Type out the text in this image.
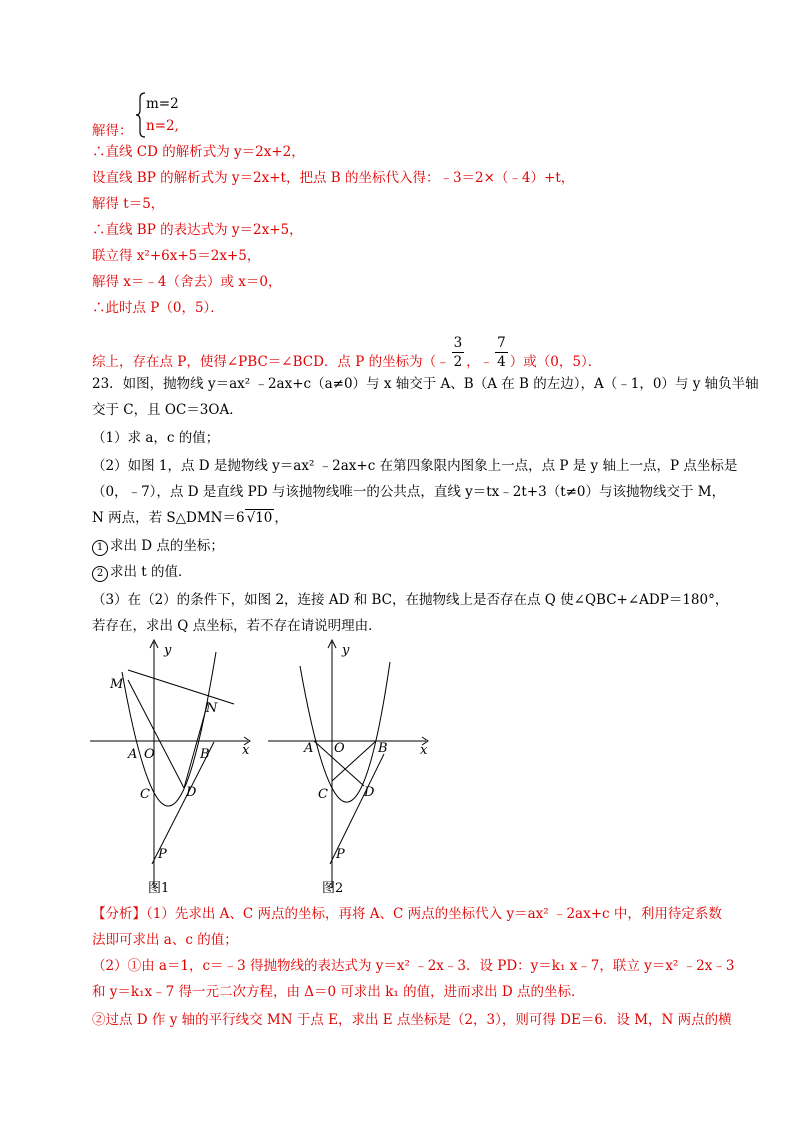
m=2
n=2,
解得：
∴直线 CD 的解析式为 y＝2x+2，
设直线 BP 的解析式为 y＝2x+t，把点 B 的坐标代入得：﹣3＝2×（﹣4）+t，
解得 t＝5，
∴直线 BP 的表达式为 y＝2x+5，
联立得 x²+6x+5＝2x+5，
解得 x＝﹣4（舍去）或 x＝0，
∴此时点 P（0，5）．
综上，存在点 P，使得∠PBC＝∠BCD．点 P 的坐标为（﹣ $\frac{3}{2}$ ，﹣ $\frac{7}{4}$ ）或（0，5）．
23．如图，抛物线 y＝ax² ﹣2ax+c（a≠0）与 x 轴交于 A、B（A 在 B 的左边），A（﹣1，0）与 y 轴负半轴
交于 C，且 OC＝3OA．
（1）求 a，c 的值；
（2）如图 1，点 D 是抛物线 y＝ax² ﹣2ax+c 在第四象限内图象上一点，点 P 是 y 轴上一点，P 点坐标是
（0，﹣7），点 D 是直线 PD 与该抛物线唯一的公共点，直线 y＝tx﹣2t+3（t≠0）与该抛物线交于 M，
N 两点，若 S△DMN＝6 √10 ，
1 求出 D 点的坐标；
2 求出 t 的值．
（3）在（2）的条件下，如图 2，连接 AD 和 BC，在抛物线上是否存在点 Q 使∠QBC+∠ADP＝180°，
若存在，求出 Q 点坐标，若不存在请说明理由．
y
x
M
N
A O	B
C	D
P
图1
y
x
A O	B
C	D
P
图2
【分析】（1）先求出 A、C 两点的坐标，再将 A、C 两点的坐标代入 y＝ax² ﹣2ax+c 中，利用待定系数
法即可求出 a、c 的值；
（2）①由 a＝1，c＝﹣3 得抛物线的表达式为 y＝x² ﹣2x﹣3．设 PD：y＝k₁ x﹣7，联立 y＝x² ﹣2x﹣3
和 y＝k₁x﹣7 得一元二次方程，由 Δ＝0 可求出 k₁ 的值，进而求出 D 点的坐标．
②过点 D 作 y 轴的平行线交 MN 于点 E，求出 E 点坐标是（2，3），则可得 DE＝6．设 M，N 两点的横
